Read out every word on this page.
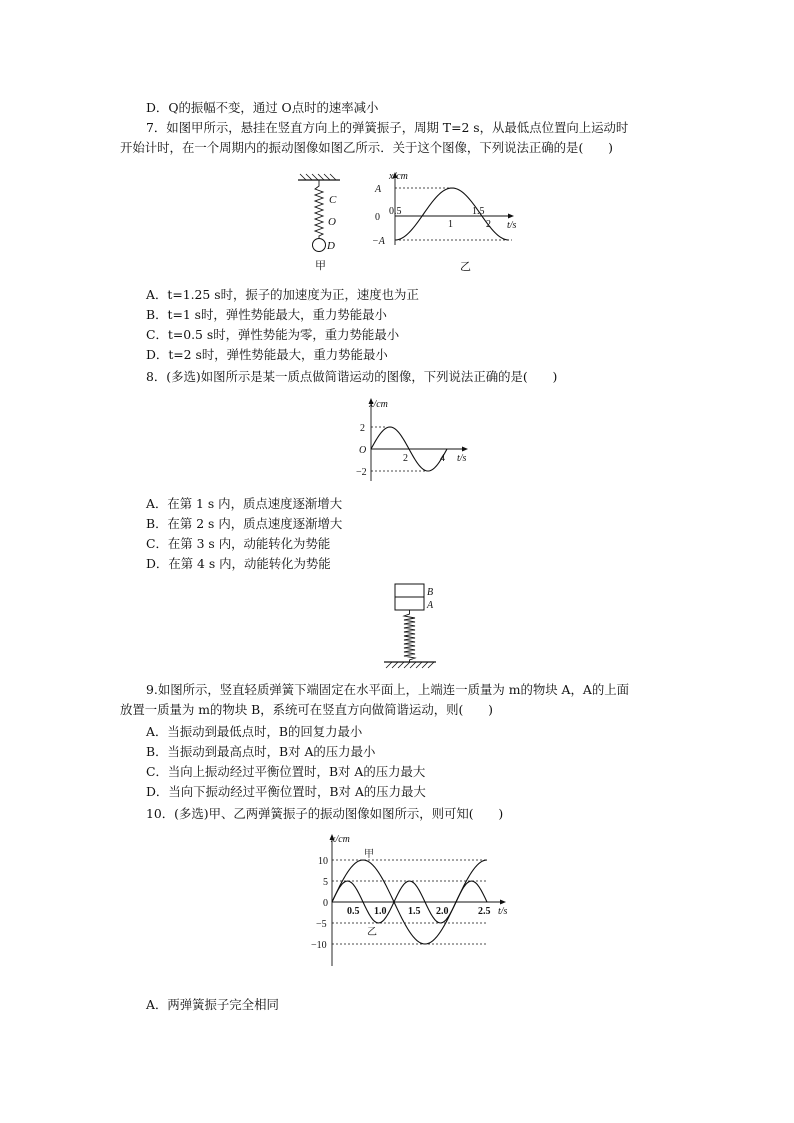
D．Q的振幅不变，通过 O点时的速率减小
7．如图甲所示，悬挂在竖直方向上的弹簧振子，周期 T=2 s，从最低点位置向上运动时
开始计时，在一个周期内的振动图像如图乙所示．关于这个图像，下列说法正确的是(　　)
C
O
D
甲
x/cm
A
0
−A
0.5
1
1.5
2 t/s
乙
A．t=1.25 s时，振子的加速度为正，速度也为正
B．t=1 s时，弹性势能最大，重力势能最小
C．t=0.5 s时，弹性势能为零，重力势能最小
D．t=2 s时，弹性势能最大，重力势能最小
8．(多选)如图所示是某一质点做简谐运动的图像，下列说法正确的是(　　)
x/cm
2
O
−2
2	4 t/s
A．在第 1 s 内，质点速度逐渐增大
B．在第 2 s 内，质点速度逐渐增大
C．在第 3 s 内，动能转化为势能
D．在第 4 s 内，动能转化为势能
B
A
9.如图所示，竖直轻质弹簧下端固定在水平面上，上端连一质量为 m的物块 A，A的上面
放置一质量为 m的物块 B，系统可在竖直方向做简谐运动，则(　　)
A．当振动到最低点时，B的回复力最小
B．当振动到最高点时，B对 A的压力最小
C．当向上振动经过平衡位置时，B对 A的压力最大
D．当向下振动经过平衡位置时，B对 A的压力最大
10．(多选)甲、乙两弹簧振子的振动图像如图所示，则可知(　　)
x/cm
10
5
0
−5
−10
0.5 1.0 1.5 2.0	2.5 t/s
甲
乙
A．两弹簧振子完全相同
